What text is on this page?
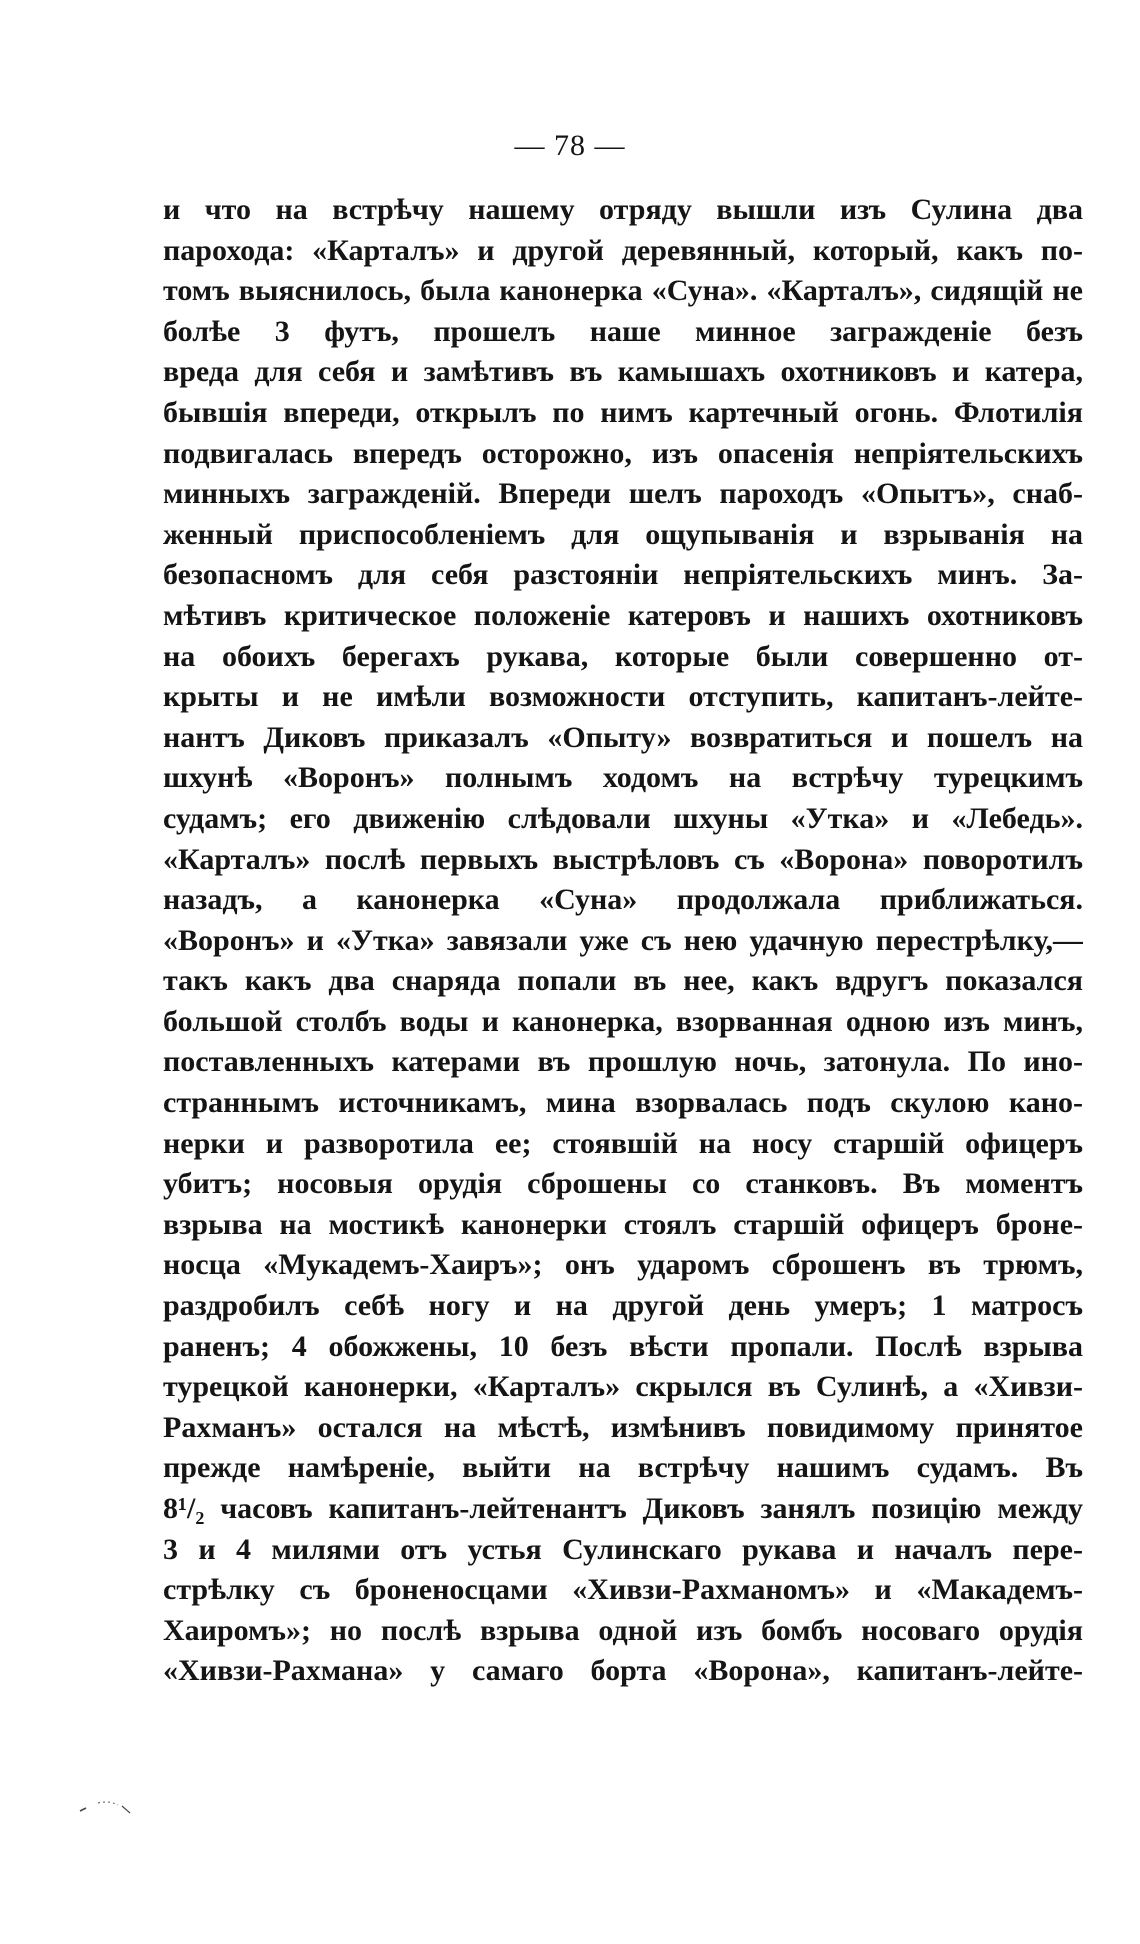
— 78 —
и что на встрѣчу нашему отряду вышли изъ Сулина два
парохода: «Карталъ» и другой деревянный, который, какъ по-
томъ выяснилось, была канонерка «Суна». «Карталъ», сидящій не
болѣе 3 футъ, прошелъ наше минное загражденіе безъ
вреда для себя и замѣтивъ въ камышахъ охотниковъ и катера,
бывшія впереди, открылъ по нимъ картечный огонь. Флотилія
подвигалась впередъ осторожно, изъ опасенія непріятельскихъ
минныхъ загражденій. Впереди шелъ пароходъ «Опытъ», снаб-
женный приспособленіемъ для ощупыванія и взрыванія на
безопасномъ для себя разстояніи непріятельскихъ минъ. За-
мѣтивъ критическое положеніе катеровъ и нашихъ охотниковъ
на обоихъ берегахъ рукава, которые были совершенно от-
крыты и не имѣли возможности отступить, капитанъ-лейте-
нантъ Диковъ приказалъ «Опыту» возвратиться и пошелъ на
шхунѣ «Воронъ» полнымъ ходомъ на встрѣчу турецкимъ
судамъ; его движенію слѣдовали шхуны «Утка» и «Лебедь».
«Карталъ» послѣ первыхъ выстрѣловъ съ «Ворона» поворотилъ
назадъ, а канонерка «Суна» продолжала приближаться.
«Воронъ» и «Утка» завязали уже съ нею удачную перестрѣлку,—
такъ какъ два снаряда попали въ нее, какъ вдругъ показался
большой столбъ воды и канонерка, взорванная одною изъ минъ,
поставленныхъ катерами въ прошлую ночь, затонула. По ино-
страннымъ источникамъ, мина взорвалась подъ скулою кано-
нерки и разворотила ее; стоявшій на носу старшій офицеръ
убитъ; носовыя орудія сброшены со станковъ. Въ моментъ
взрыва на мостикѣ канонерки стоялъ старшій офицеръ броне-
носца «Мукадемъ-Хаиръ»; онъ ударомъ сброшенъ въ трюмъ,
раздробилъ себѣ ногу и на другой день умеръ; 1 матросъ
раненъ; 4 обожжены, 10 безъ вѣсти пропали. Послѣ взрыва
турецкой канонерки, «Карталъ» скрылся въ Сулинѣ, а «Хивзи-
Рахманъ» остался на мѣстѣ, измѣнивъ повидимому принятое
прежде намѣреніе, выйти на встрѣчу нашимъ судамъ. Въ
8¹/₂ часовъ капитанъ-лейтенантъ Диковъ занялъ позицію между
3 и 4 милями отъ устья Сулинскаго рукава и началъ пере-
стрѣлку съ броненосцами «Хивзи-Рахманомъ» и «Макадемъ-
Хаиромъ»; но послѣ взрыва одной изъ бомбъ носоваго орудія
«Хивзи-Рахмана» у самаго борта «Ворона», капитанъ-лейте-
